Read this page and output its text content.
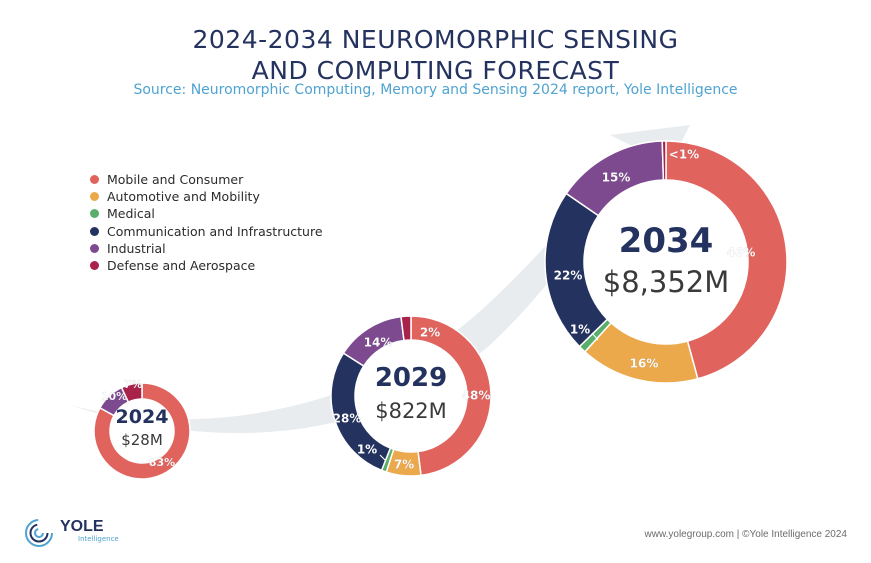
2024
$28M
83%
10%
7%	2029
$822M
48%
7%
28%
14%
2%
1%
2034
$8,352M
46%
16%
22%
15%
<1%
1%
2024-2034 NEUROMORPHIC SENSING
AND COMPUTING FORECAST
Source: Neuromorphic Computing, Memory and Sensing 2024 report, Yole Intelligence
Mobile and Consumer
Automotive and Mobility
Medical
Communication and Infrastructure
Industrial
Defense and Aerospace
YOLE
Intelligence	www.yolegroup.com | ©Yole Intelligence 2024
